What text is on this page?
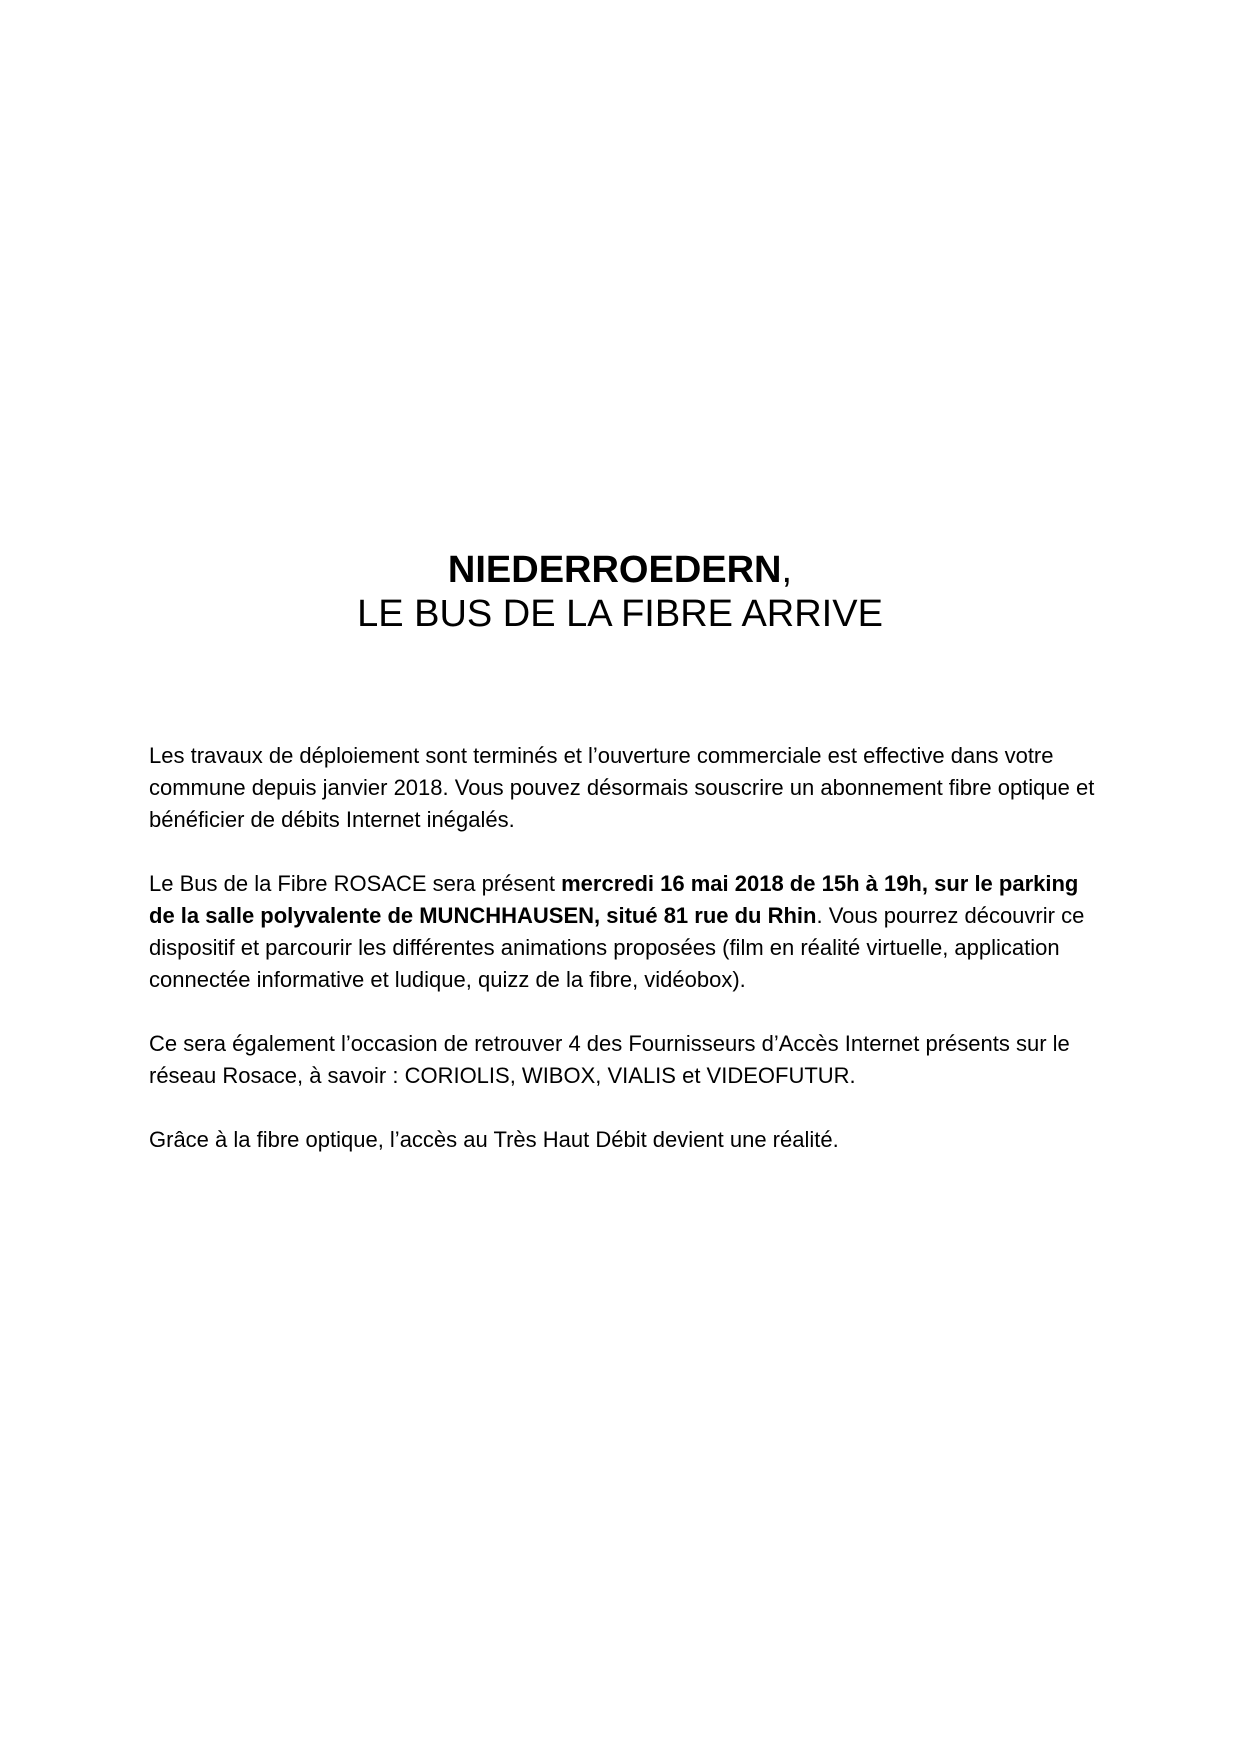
NIEDERROEDERN,
LE BUS DE LA FIBRE ARRIVE

Les travaux de déploiement sont terminés et l’ouverture commerciale est effective dans votre commune depuis janvier 2018. Vous pouvez désormais souscrire un abonnement fibre optique et bénéficier de débits Internet inégalés.

Le Bus de la Fibre ROSACE sera présent mercredi 16 mai 2018 de 15h à 19h, sur le parking de la salle polyvalente de MUNCHHAUSEN, situé 81 rue du Rhin. Vous pourrez découvrir ce dispositif et parcourir les différentes animations proposées (film en réalité virtuelle, application connectée informative et ludique, quizz de la fibre, vidéobox).

Ce sera également l’occasion de retrouver 4 des Fournisseurs d’Accès Internet présents sur le réseau Rosace, à savoir : CORIOLIS, WIBOX, VIALIS et VIDEOFUTUR.

Grâce à la fibre optique, l’accès au Très Haut Débit devient une réalité.
